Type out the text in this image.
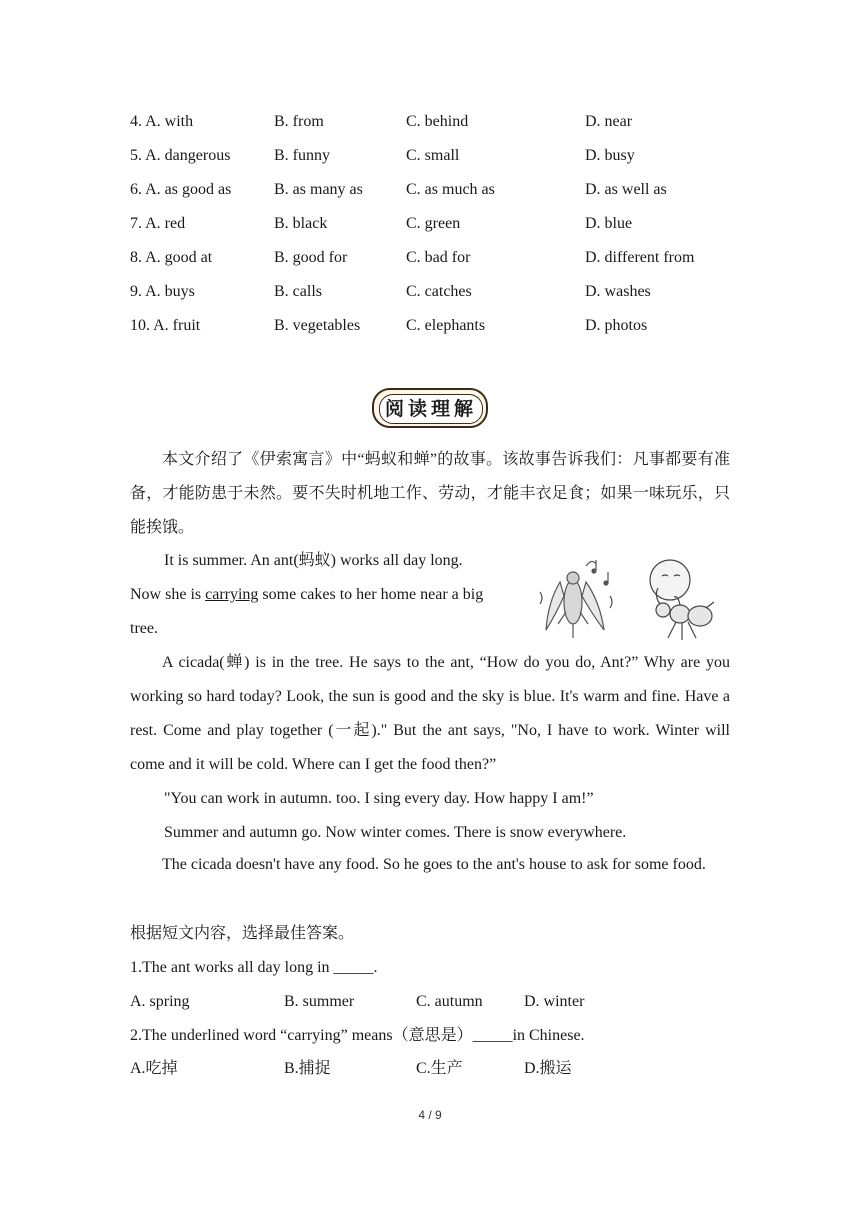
4. A. with	B. from	C. behind	D. near
5. A. dangerous	B. funny	C. small	D. busy
6. A. as good as	B. as many as	C. as much as	D. as well as
7. A. red	B. black	C. green	D. blue
8. A. good at	B. good for	C. bad for	D. different from
9. A. buys	B. calls	C. catches	D. washes
10. A. fruit	B. vegetables	C. elephants	D. photos
阅读理解
本文介绍了《伊索寓言》中“蚂蚁和蝉”的故事。该故事告诉我们：凡事都要有准备，才能防患于未然。要不失时机地工作、劳动，才能丰衣足食；如果一味玩乐，只能挨饿。
It is summer. An ant(蚂蚁) works all day long.
Now she is carrying some cakes to her home near a big
tree.
A cicada(蝉) is in the tree. He says to the ant, “How do you do, Ant?” Why are you working so hard today? Look, the sun is good and the sky is blue. It's warm and fine. Have a rest. Come and play together (一起)." But the ant says, "No, I have to work. Winter will come and it will be cold. Where can I get the food then?”
"You can work in autumn. too. I sing every day. How happy I am!”
Summer and autumn go. Now winter comes. There is snow everywhere.
The cicada doesn't have any food. So he goes to the ant's house to ask for some food.
根据短文内容，选择最佳答案。
1.The ant works all day long in _____.
A. spring	B. summer	C. autumn	D. winter
2.The underlined word “carrying” means（意思是）_____in Chinese.
A.吃掉	B.捕捉	C.生产	D.搬运
4 / 9
